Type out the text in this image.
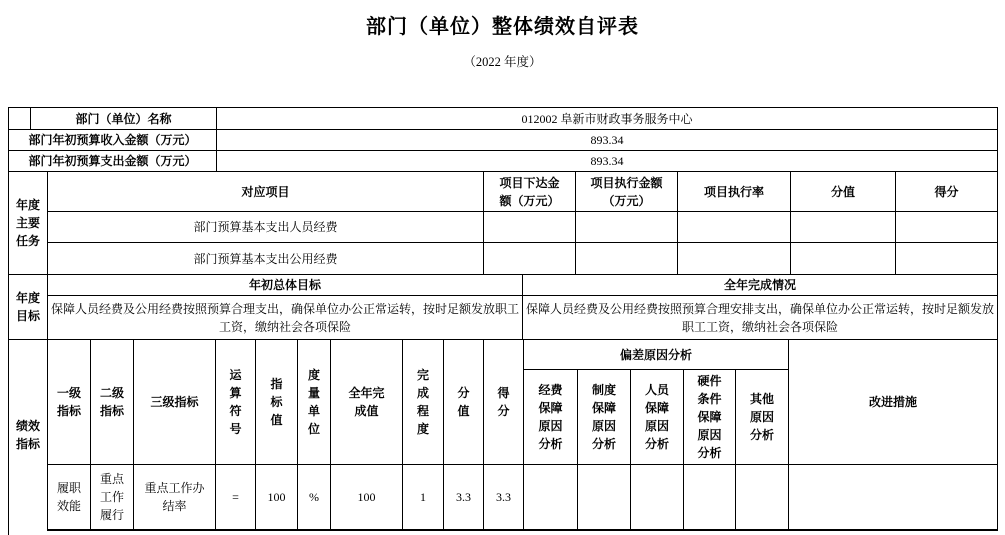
部门（单位）整体绩效自评表
（2022 年度）
	部门（单位）名称	012002 阜新市财政事务服务中心
部门年初预算收入金额（万元）		893.34
部门年初预算支出金额（万元）		893.34
年度主要任务	对应项目	项目下达金额（万元）	项目执行金额（万元）	项目执行率	分值	得分
	部门预算基本支出人员经费					
	部门预算基本支出公用经费					
年度目标	年初总体目标	全年完成情况
	保障人员经费及公用经费按照预算合理支出，确保单位办公正常运转，按时足额发放职工工资，缴纳社会各项保险	保障人员经费及公用经费按照预算合理安排支出，确保单位办公正常运转，按时足额发放职工工资，缴纳社会各项保险
绩效指标	一级指标	二级指标	三级指标	运算符号	指标值	度量单位	全年完成值	完成程度	分值	得分	偏差原因分析					改进措施
											经费保障原因分析	制度保障原因分析	人员保障原因分析	硬件条件保障原因分析	其他原因分析	
	履职效能	重点工作履行	重点工作办结率	=	100	%	100	1	3.3	3.3						
